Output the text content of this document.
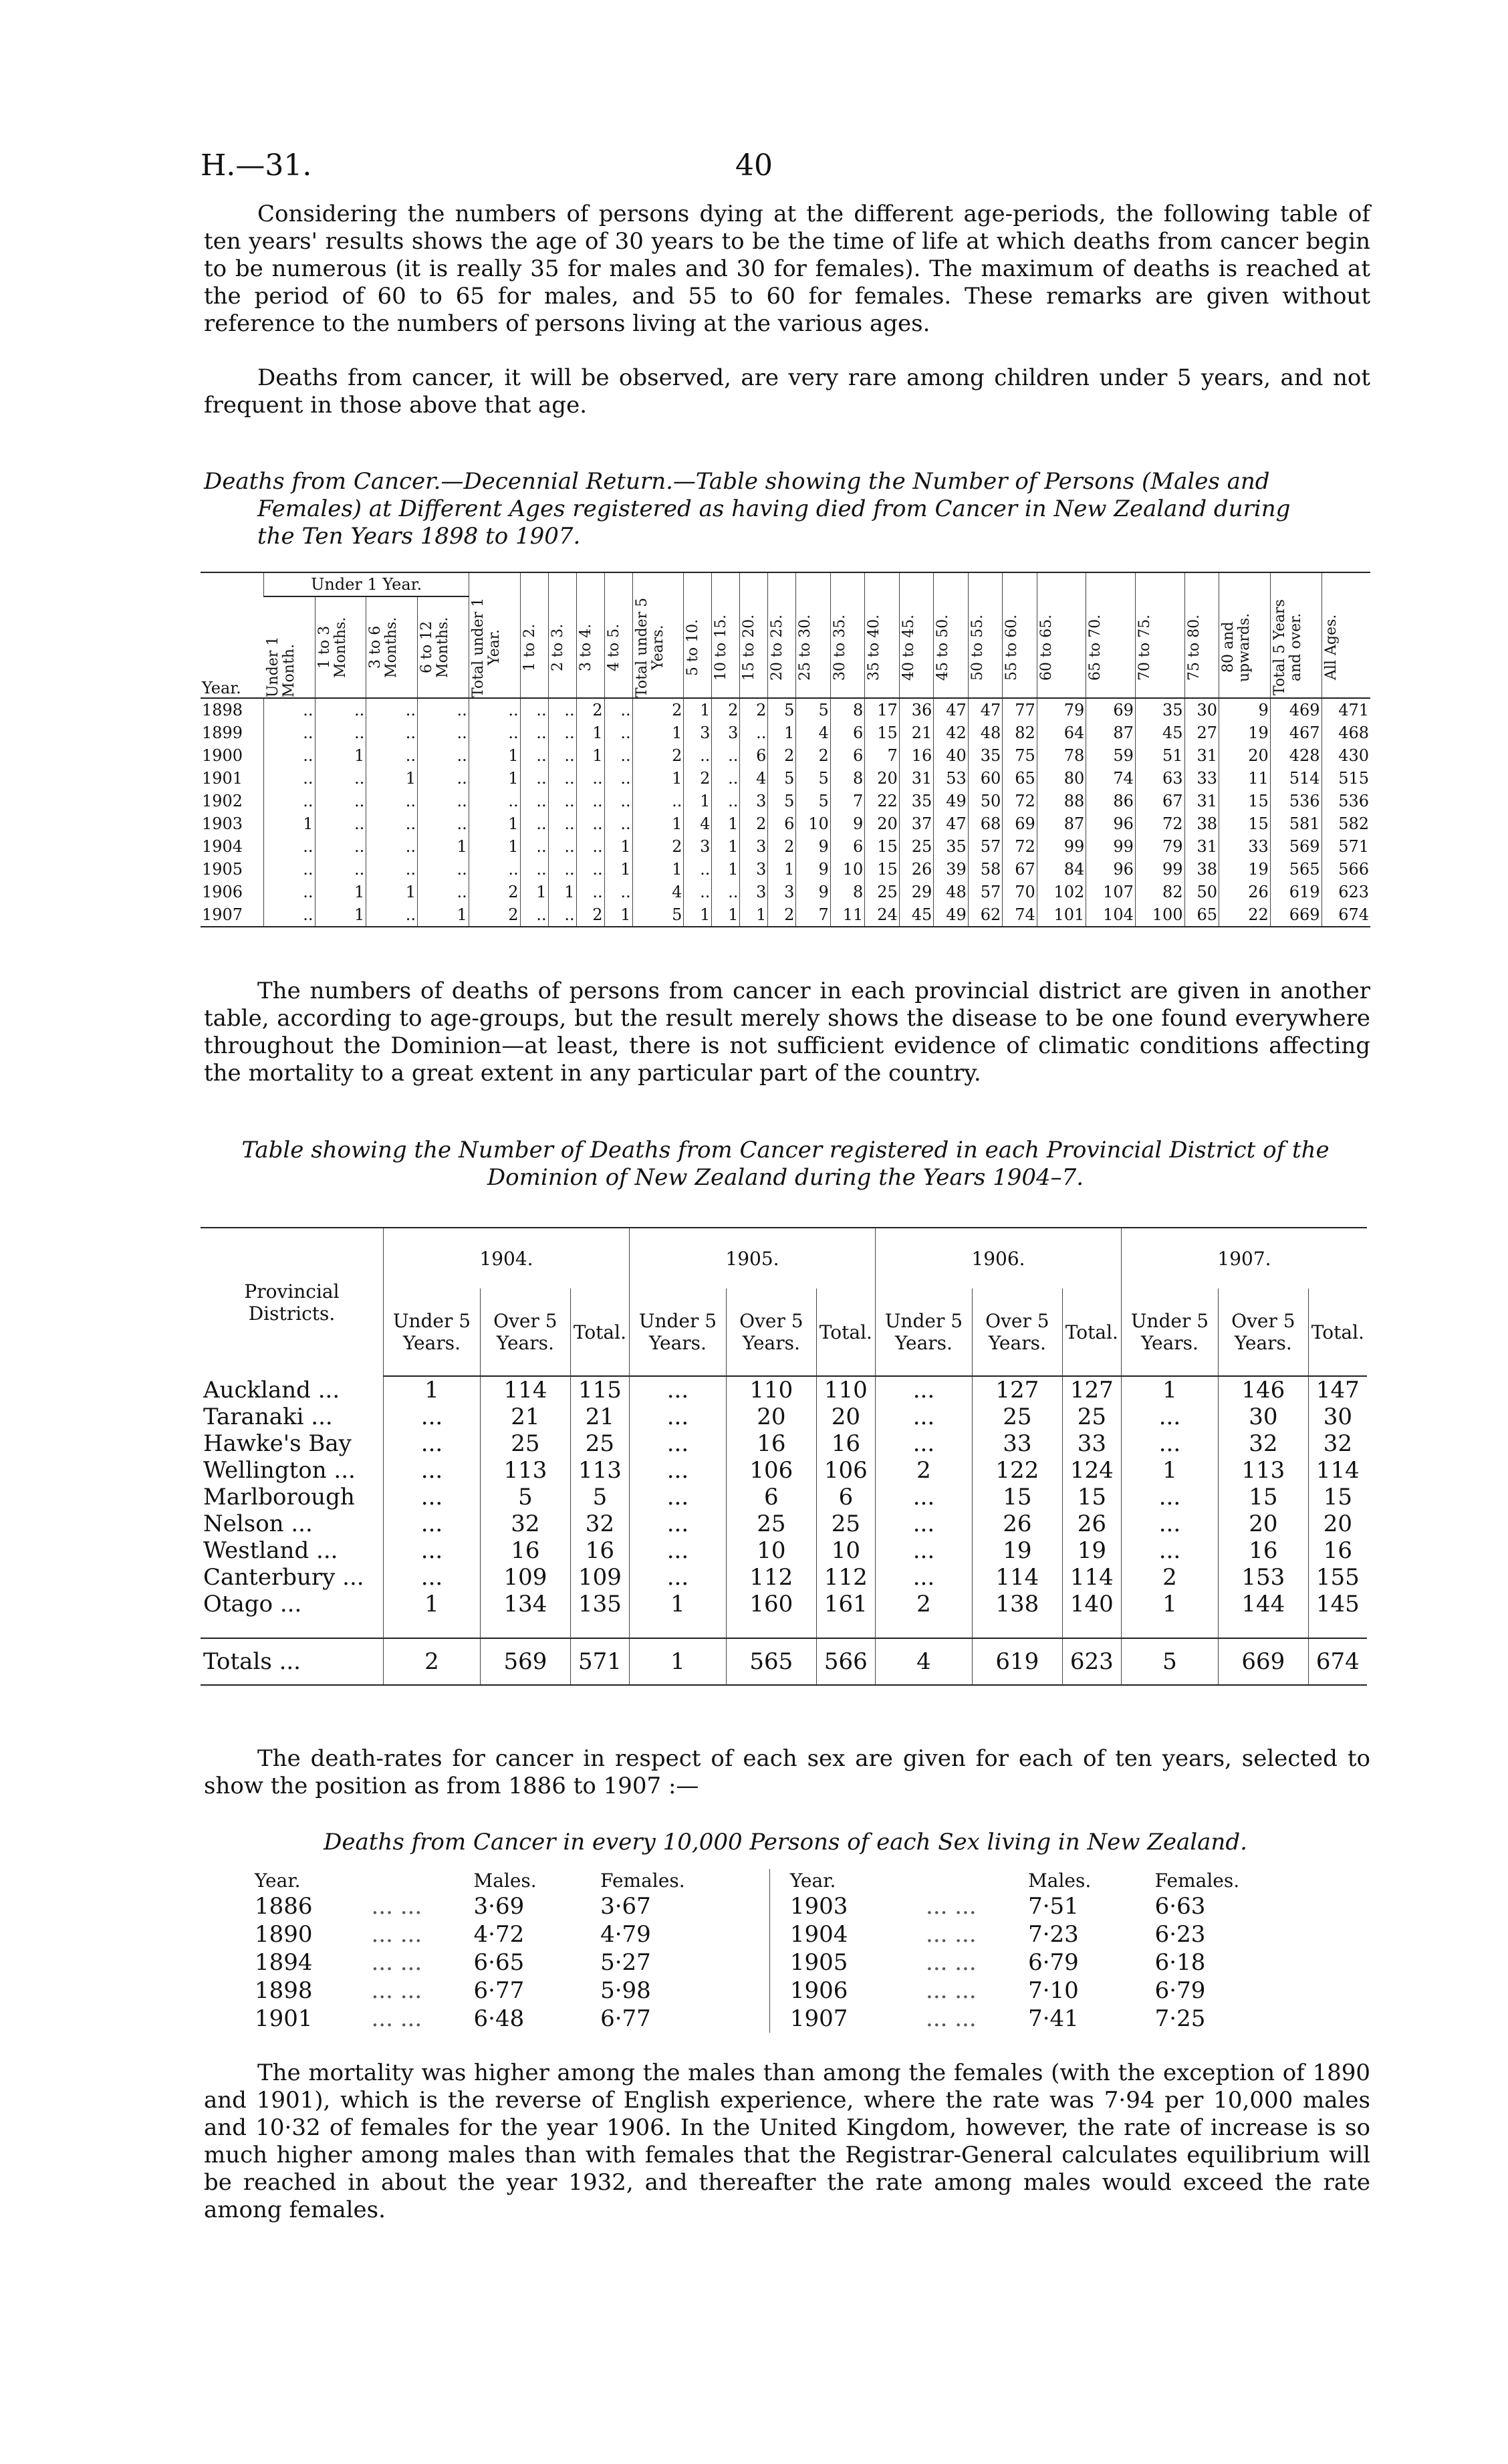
H.—31.	40

Considering the numbers of persons dying at the different age-periods, the following table of ten years' results shows the age of 30 years to be the time of life at which deaths from cancer begin to be numerous (it is really 35 for males and 30 for females). The maximum of deaths is reached at the period of 60 to 65 for males, and 55 to 60 for females. These remarks are given without reference to the numbers of persons living at the various ages.

Deaths from cancer, it will be observed, are very rare among children under 5 years, and not frequent in those above that age.

Deaths from Cancer.—Decennial Return.—Table showing the Number of Persons (Males and
Females) at Different Ages registered as having died from Cancer in New Zealand during
the Ten Years 1898 to 1907.
Year.	Under 1 Year.				Total under 1 Year.	1 to 2.	2 to 3.	3 to 4.	4 to 5.	Total under 5 Years.	5 to 10.	10 to 15.	15 to 20.	20 to 25.	25 to 30.	30 to 35.	35 to 40.	40 to 45.	45 to 50.	50 to 55.	55 to 60.	60 to 65.	65 to 70.	70 to 75.	75 to 80.	80 and upwards.	Total 5 Years and over.	All Ages.

	Under 1 Month.	1 to 3 Months.	3 to 6 Months.	6 to 12 Months.																								

1898	..	..	..	..	..	..	..	2	..	2	1	2	2	5	5	8	17	36	47	47	77	79	69	35	30	9	469	471
1899	..	..	..	..	..	..	..	1	..	1	3	3	..	1	4	6	15	21	42	48	82	64	87	45	27	19	467	468
1900	..	1	..	..	1	..	..	1	..	2	..	..	6	2	2	6	7	16	40	35	75	78	59	51	31	20	428	430
1901	..	..	1	..	1	..	..	..	..	1	2	..	4	5	5	8	20	31	53	60	65	80	74	63	33	11	514	515
1902	..	..	..	..	..	..	..	..	..	..	1	..	3	5	5	7	22	35	49	50	72	88	86	67	31	15	536	536
1903	1	..	..	..	1	..	..	..	..	1	4	1	2	6	10	9	20	37	47	68	69	87	96	72	38	15	581	582
1904	..	..	..	1	1	..	..	..	1	2	3	1	3	2	9	6	15	25	35	57	72	99	99	79	31	33	569	571
1905	..	..	..	..	..	..	..	..	1	1	..	1	3	1	9	10	15	26	39	58	67	84	96	99	38	19	565	566
1906	..	1	1	..	2	1	1	..	..	4	..	..	3	3	9	8	25	29	48	57	70	102	107	82	50	26	619	623
1907	..	1	..	1	2	..	..	2	1	5	1	1	1	2	7	11	24	45	49	62	74	101	104	100	65	22	669	674

The numbers of deaths of persons from cancer in each provincial district are given in another table, according to age-groups, but the result merely shows the disease to be one found everywhere throughout the Dominion—at least, there is not sufficient evidence of climatic conditions affecting the mortality to a great extent in any particular part of the country.

Table showing the Number of Deaths from Cancer registered in each Provincial District of the
Dominion of New Zealand during the Years 1904–7.
Provincial Districts.	1904.			1905.			1906.			1907.		
	Under 5 Years.	Over 5 Years.	Total.	Under 5 Years.	Over 5 Years.	Total.	Under 5 Years.	Over 5 Years.	Total.	Under 5 Years.	Over 5 Years.	Total.
Auckland ...	1	114	115	...	110	110	...	127	127	1	146	147
Taranaki ...	...	21	21	...	20	20	...	25	25	...	30	30
Hawke's Bay	...	25	25	...	16	16	...	33	33	...	32	32
Wellington ...	...	113	113	...	106	106	2	122	124	1	113	114
Marlborough	...	5	5	...	6	6	...	15	15	...	15	15
Nelson ...	...	32	32	...	25	25	...	26	26	...	20	20
Westland ...	...	16	16	...	10	10	...	19	19	...	16	16
Canterbury ...	...	109	109	...	112	112	...	114	114	2	153	155
Otago ...	1	134	135	1	160	161	2	138	140	1	144	145

Totals ...	2	569	571	1	565	566	4	619	623	5	669	674

The death-rates for cancer in respect of each sex are given for each of ten years, selected to show the position as from 1886 to 1907 :—

Deaths from Cancer in every 10,000 Persons of each Sex living in New Zealand.
Year.		Males.	Females.	Year.		Males.	Females.
1886	... ...	3·69	3·67	1903	... ...	7·51	6·63
1890	... ...	4·72	4·79	1904	... ...	7·23	6·23
1894	... ...	6·65	5·27	1905	... ...	6·79	6·18
1898	... ...	6·77	5·98	1906	... ...	7·10	6·79
1901	... ...	6·48	6·77	1907	... ...	7·41	7·25

The mortality was higher among the males than among the females (with the exception of 1890 and 1901), which is the reverse of English experience, where the rate was 7·94 per 10,000 males and 10·32 of females for the year 1906. In the United Kingdom, however, the rate of increase is so much higher among males than with females that the Registrar-General calculates equilibrium will be reached in about the year 1932, and thereafter the rate among males would exceed the rate among females.
